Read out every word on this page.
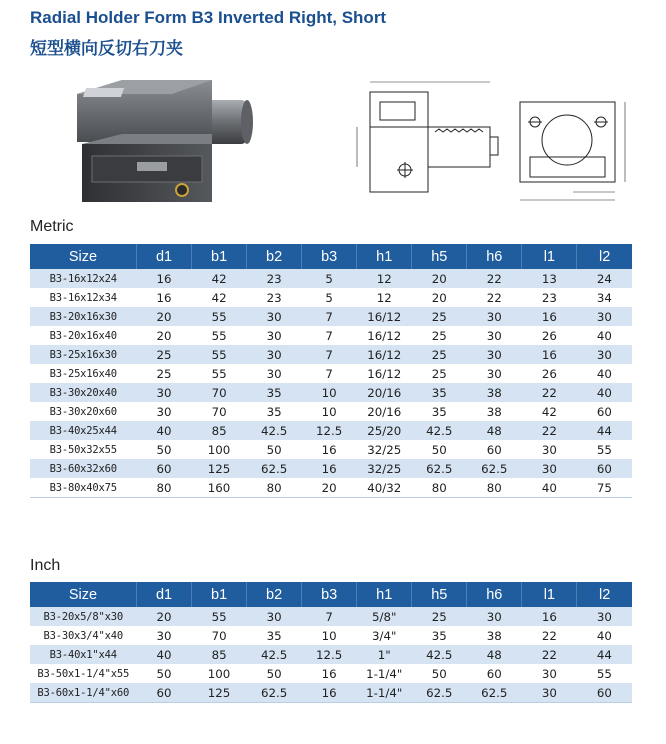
Radial Holder Form B3 Inverted Right, Short
短型横向反切右刀夹
Metric
Size	d1	b1	b2	b3	h1	h5	h6	l1	l2
B3-16x12x24	16	42	23	5	12	20	22	13	24
B3-16x12x34	16	42	23	5	12	20	22	23	34
B3-20x16x30	20	55	30	7	16/12	25	30	16	30
B3-20x16x40	20	55	30	7	16/12	25	30	26	40
B3-25x16x30	25	55	30	7	16/12	25	30	16	30
B3-25x16x40	25	55	30	7	16/12	25	30	26	40
B3-30x20x40	30	70	35	10	20/16	35	38	22	40
B3-30x20x60	30	70	35	10	20/16	35	38	42	60
B3-40x25x44	40	85	42.5	12.5	25/20	42.5	48	22	44
B3-50x32x55	50	100	50	16	32/25	50	60	30	55
B3-60x32x60	60	125	62.5	16	32/25	62.5	62.5	30	60
B3-80x40x75	80	160	80	20	40/32	80	80	40	75
Inch
Size	d1	b1	b2	b3	h1	h5	h6	l1	l2
B3-20x5/8"x30	20	55	30	7	5/8"	25	30	16	30
B3-30x3/4"x40	30	70	35	10	3/4"	35	38	22	40
B3-40x1"x44	40	85	42.5	12.5	1"	42.5	48	22	44
B3-50x1-1/4"x55	50	100	50	16	1-1/4"	50	60	30	55
B3-60x1-1/4"x60	60	125	62.5	16	1-1/4"	62.5	62.5	30	60
